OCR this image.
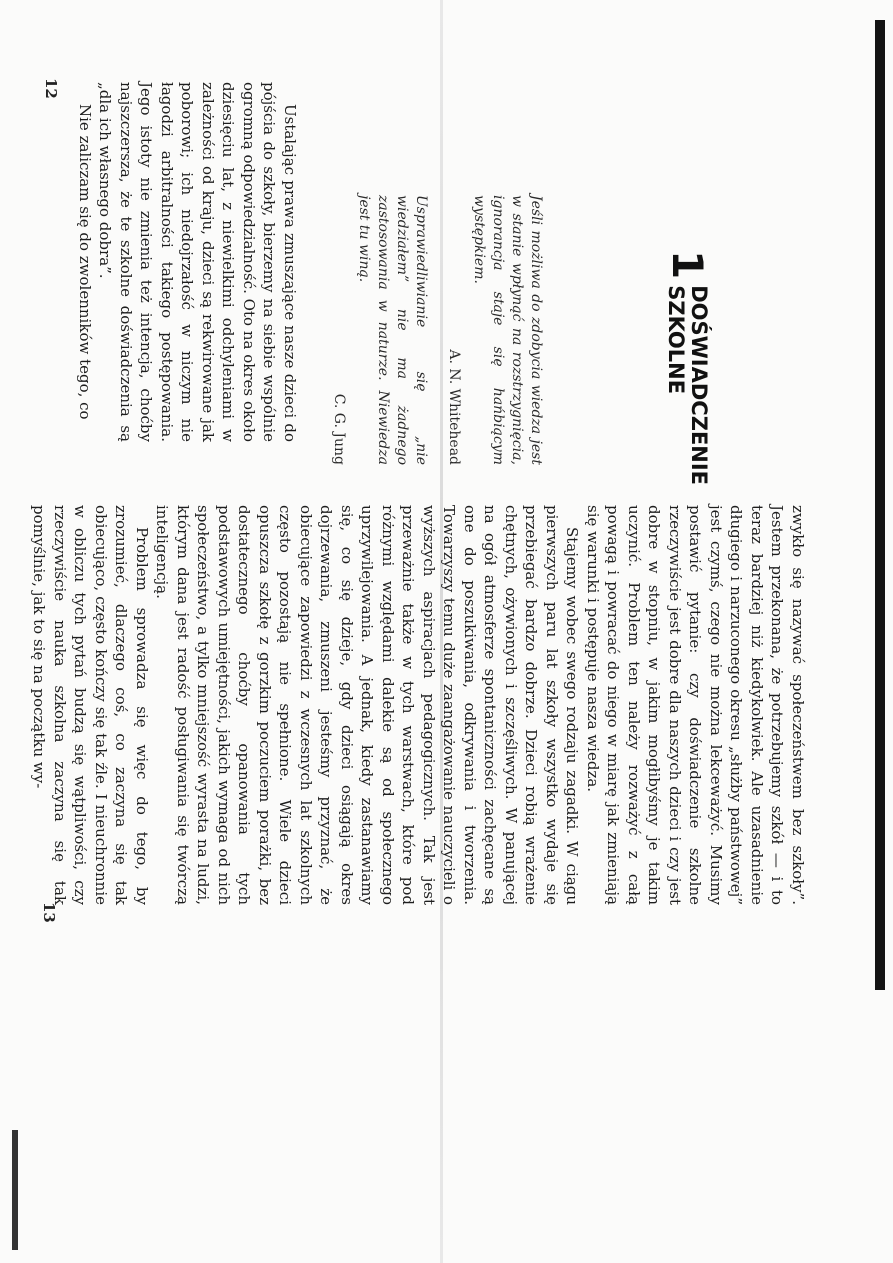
12
1DOŚWIADCZENIE
SZKOLNE
Jeśli możliwa do zdobycia wiedza jest w stanie wpłynąć na rozstrzygnięcia, ignorancja staje się hańbiącym występkiem.
A. N. Whitehead
Usprawiedliwianie się „nie wiedziałem” nie ma żadnego zastosowania w naturze. Niewiedza jest tu winą.
C. G. Jung

Ustalając prawa zmuszające nasze dzieci do pójścia do szkoły, bierzemy na siebie wspólnie ogromną odpowiedzialność. Oto na okres około dziesięciu lat, z niewielkimi odchyleniami w zależności od kraju, dzieci są rekwirowane jak poborowi; ich niedojrzałość w niczym nie łagodzi arbitralności takiego postępowania. Jego istoty nie zmienia też intencja, choćby najszczersza, że te szkolne doświadczenia są „dla ich własnego dobra”.

Nie zaliczam się do zwolenników tego, co

zwykło się nazywać społeczeństwem bez szkoły”. Jestem przekonana, że potrzebujemy szkół — i to teraz bardziej niż kiedykolwiek. Ale uzasadnienie długiego i narzuconego okresu „służby państwowej” jest czymś, czego nie można lekceważyć. Musimy postawić pytanie: czy doświadczenie szkolne rzeczywiście jest dobre dla naszych dzieci i czy jest dobre w stopniu, w jakim mogłibyśmy je takim uczynić. Problem ten należy rozważyć z całą powagą i powracać do niego w miarę jak zmieniają się warunki i postępuje nasza wiedza.

Stajemy wobec swego rodzaju zagadki. W ciągu pierwszych paru lat szkoły wszystko wydaje się przebiegać bardzo dobrze. Dzieci robią wrażenie chętnych, ożywionych i szczęśliwych. W panującej na ogół atmosferze spontaniczności zachęcane są one do poszukiwania, odkrywania i tworzenia. Towarzyszy temu duże zaangażowanie nauczycieli o wyższych aspiracjach pedagogicznych. Tak jest przeważnie także w tych warstwach, które pod różnymi względami dalekie są od społecznego uprzywilejowania. A jednak, kiedy zastanawiamy się, co się dzieje, gdy dzieci osiągają okres dojrzewania, zmuszeni jesteśmy przyznać, że obiecujące zapowiedzi z wczesnych lat szkolnych często pozostają nie spełnione. Wiele dzieci opuszcza szkołę z gorzkim poczuciem porażki, bez dostatecznego choćby opanowania tych podstawowych umiejętności, jakich wymaga od nich społeczeństwo, a tylko mniejszość wyrasta na ludzi, którym dana jest radość posługiwania się twórczą inteligencją.

Problem sprowadza się więc do tego, by zrozumieć, dlaczego coś, co zaczyna się tak obiecująco, często kończy się tak źle. I nieuchronnie w obliczu tych pytań budzą się wątpliwości, czy rzeczywiście nauka szkolna zaczyna się tak pomyślnie, jak to się na początku wy-

13
